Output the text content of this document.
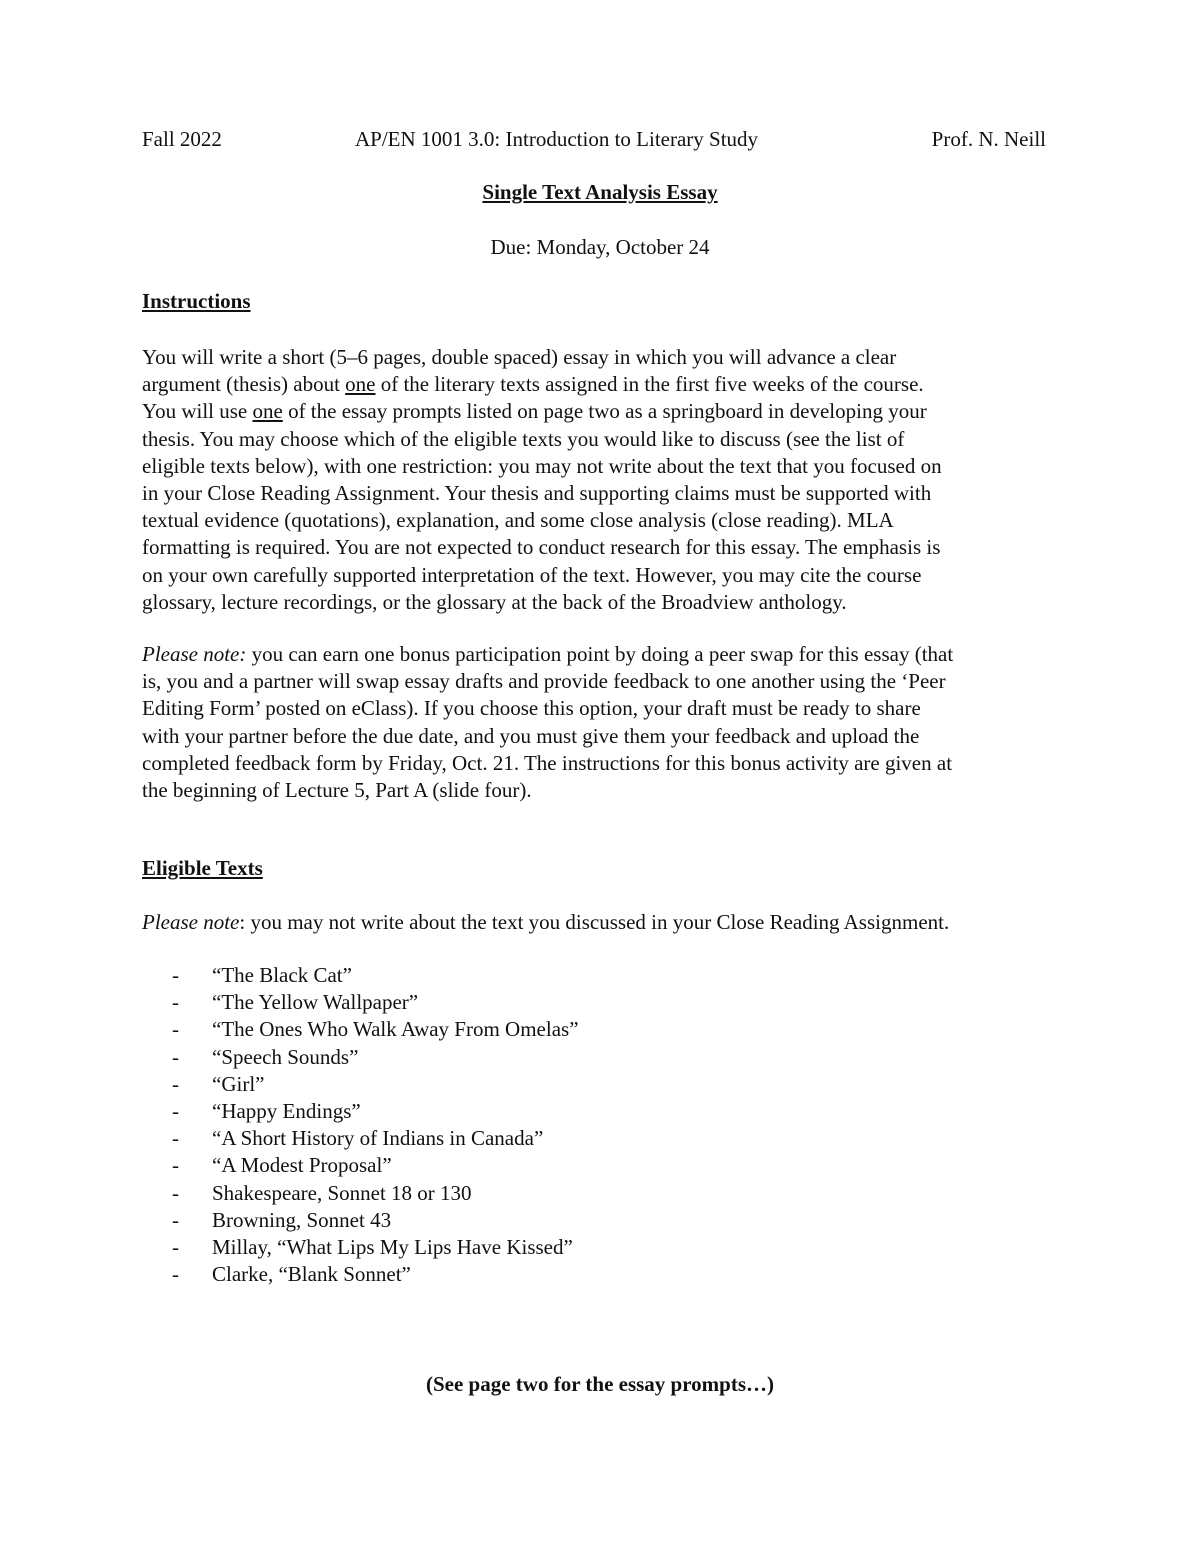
Fall 2022	AP/EN 1001 3.0: Introduction to Literary Study	Prof. N. Neill
Single Text Analysis Essay
Due: Monday, October 24
Instructions
You will write a short (5–6 pages, double spaced) essay in which you will advance a clear
argument (thesis) about one of the literary texts assigned in the first five weeks of the course.
You will use one of the essay prompts listed on page two as a springboard in developing your
thesis. You may choose which of the eligible texts you would like to discuss (see the list of
eligible texts below), with one restriction: you may not write about the text that you focused on
in your Close Reading Assignment. Your thesis and supporting claims must be supported with
textual evidence (quotations), explanation, and some close analysis (close reading). MLA
formatting is required. You are not expected to conduct research for this essay. The emphasis is
on your own carefully supported interpretation of the text. However, you may cite the course
glossary, lecture recordings, or the glossary at the back of the Broadview anthology.
Please note: you can earn one bonus participation point by doing a peer swap for this essay (that
is, you and a partner will swap essay drafts and provide feedback to one another using the ‘Peer
Editing Form’ posted on eClass). If you choose this option, your draft must be ready to share
with your partner before the due date, and you must give them your feedback and upload the
completed feedback form by Friday, Oct. 21. The instructions for this bonus activity are given at
the beginning of Lecture 5, Part A (slide four).
Eligible Texts
Please note: you may not write about the text you discussed in your Close Reading Assignment.
- “The Black Cat”
- “The Yellow Wallpaper”
- “The Ones Who Walk Away From Omelas”
- “Speech Sounds”
- “Girl”
- “Happy Endings”
- “A Short History of Indians in Canada”
- “A Modest Proposal”
- Shakespeare, Sonnet 18 or 130
- Browning, Sonnet 43
- Millay, “What Lips My Lips Have Kissed”
- Clarke, “Blank Sonnet”
(See page two for the essay prompts…)
